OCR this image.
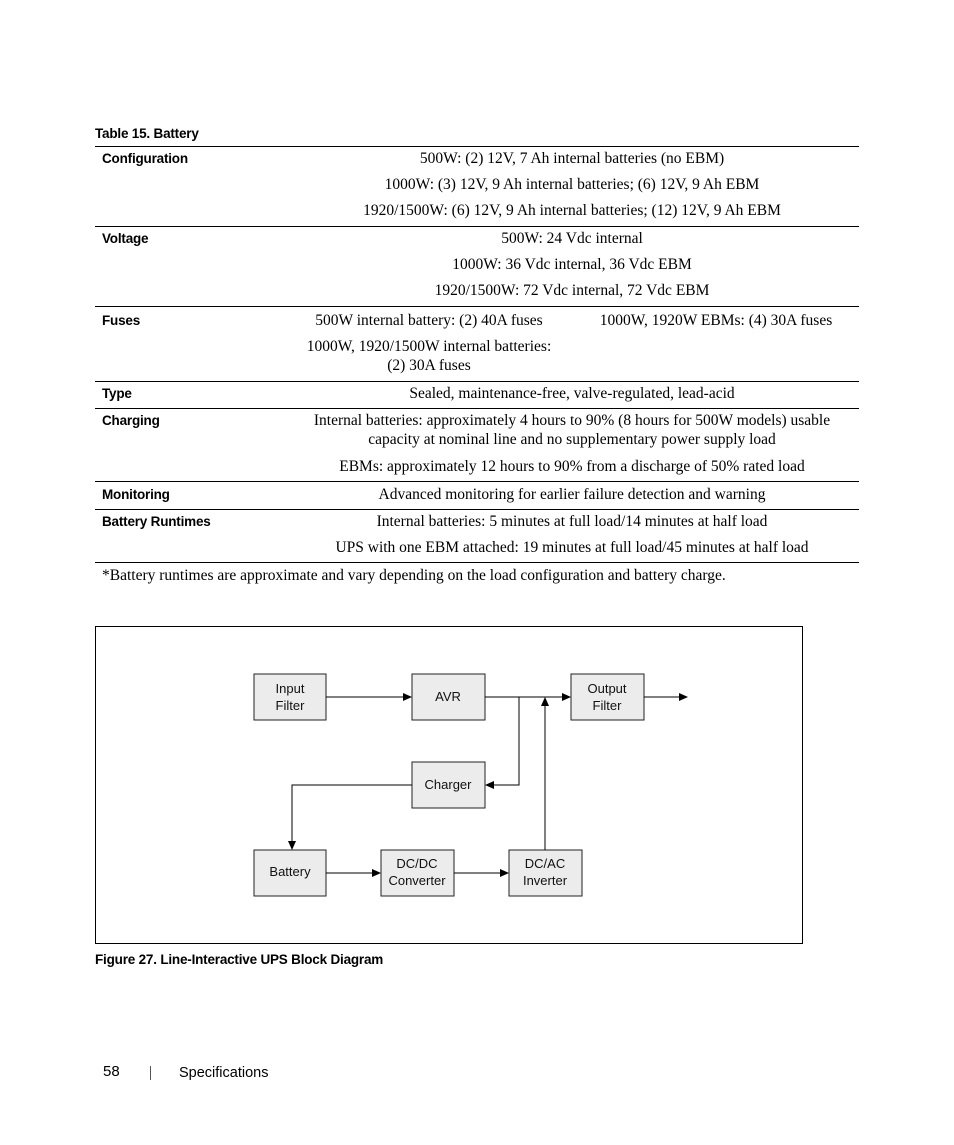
Table 15. Battery
Configuration	500W: (2) 12V, 7 Ah internal batteries (no EBM)
1000W: (3) 12V, 9 Ah internal batteries; (6) 12V, 9 Ah EBM
1920/1500W: (6) 12V, 9 Ah internal batteries; (12) 12V, 9 Ah EBM
Voltage	500W: 24 Vdc internal
1000W: 36 Vdc internal, 36 Vdc EBM
1920/1500W: 72 Vdc internal, 72 Vdc EBM
Fuses	500W internal battery: (2) 40A fuses	1000W, 1920W EBMs: (4) 30A fuses
1000W, 1920/1500W internal batteries:
(2) 30A fuses
Type	Sealed, maintenance-free, valve-regulated, lead-acid
Charging	Internal batteries: approximately 4 hours to 90% (8 hours for 500W models) usable
capacity at nominal line and no supplementary power supply load
EBMs: approximately 12 hours to 90% from a discharge of 50% rated load
Monitoring	Advanced monitoring for earlier failure detection and warning
Battery Runtimes	Internal batteries: 5 minutes at full load/14 minutes at half load
UPS with one EBM attached: 19 minutes at full load/45 minutes at half load
*Battery runtimes are approximate and vary depending on the load configuration and battery charge.
Input
Filter
AVR
Output
Filter
Charger
Battery
DC/DC
Converter
DC/AC
Inverter
Figure 27. Line-Interactive UPS Block Diagram
58	Specifications
